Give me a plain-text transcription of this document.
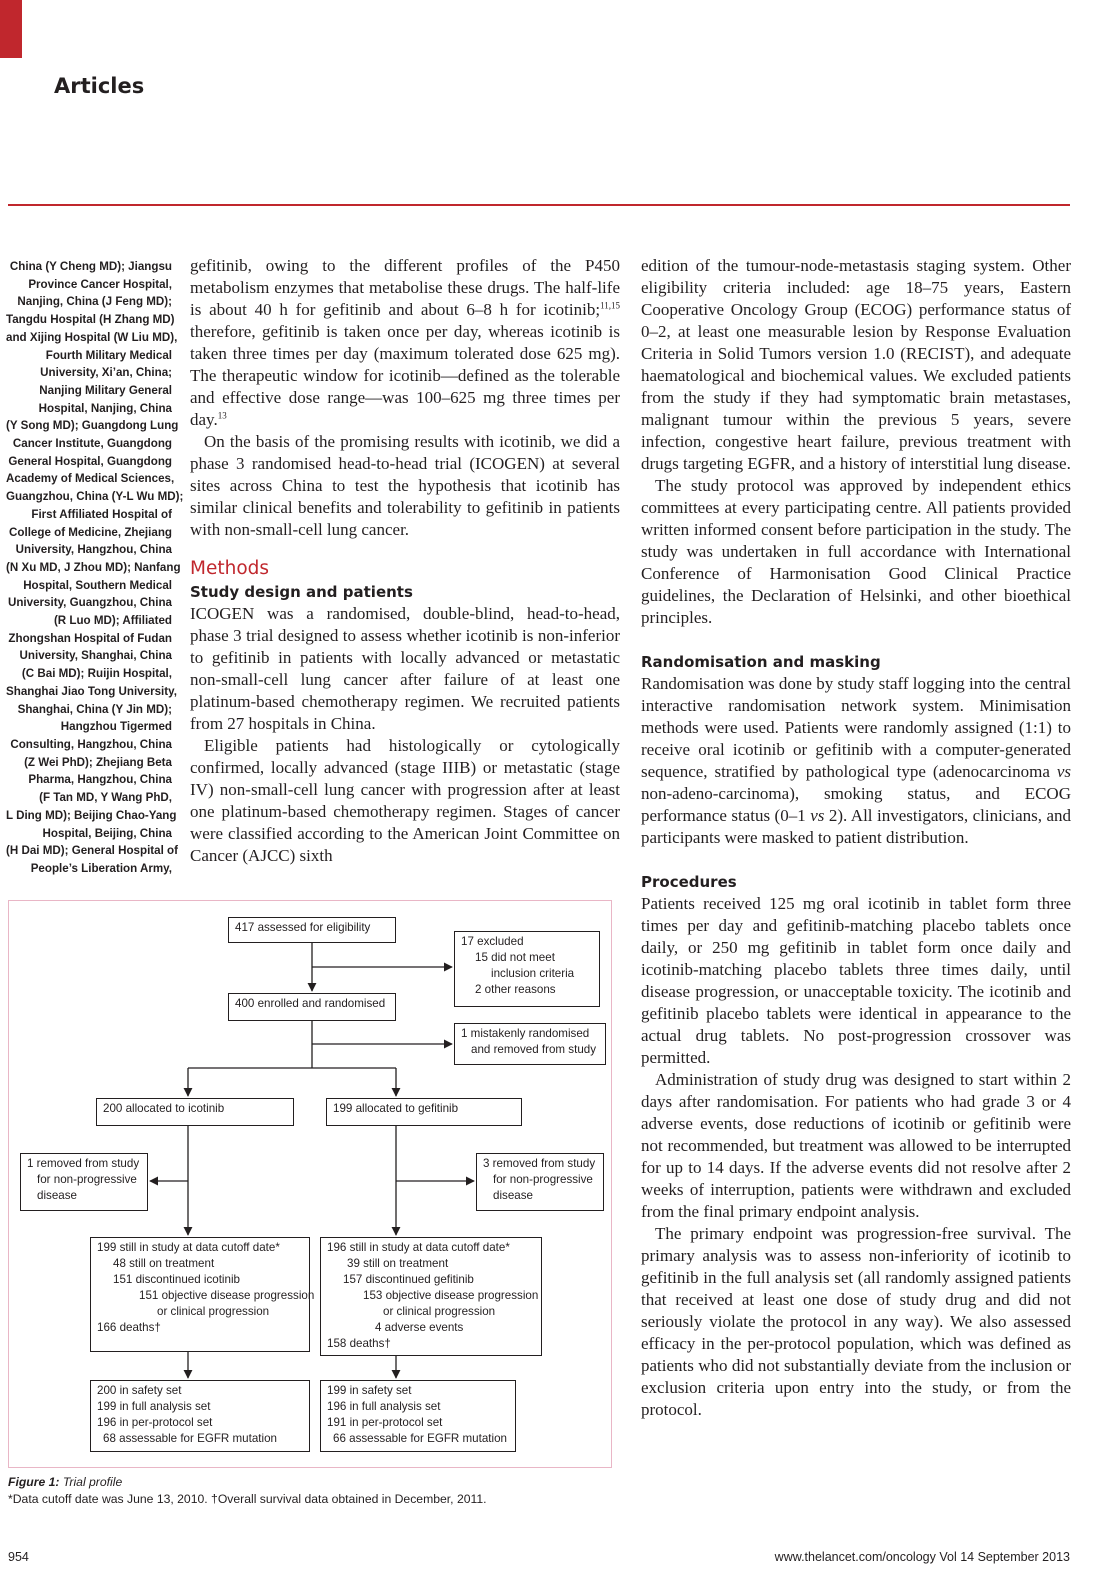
Articles
China (Y Cheng MD); Jiangsu
Province Cancer Hospital,
Nanjing, China (J Feng MD);
Tangdu Hospital (H Zhang MD)
and Xijing Hospital (W Liu MD),
Fourth Military Medical
University, Xi’an, China;
Nanjing Military General
Hospital, Nanjing, China
(Y Song MD); Guangdong Lung
Cancer Institute, Guangdong
General Hospital, Guangdong
Academy of Medical Sciences,
Guangzhou, China (Y-L Wu MD);
First Affiliated Hospital of
College of Medicine, Zhejiang
University, Hangzhou, China
(N Xu MD, J Zhou MD); Nanfang
Hospital, Southern Medical
University, Guangzhou, China
(R Luo MD); Affiliated
Zhongshan Hospital of Fudan
University, Shanghai, China
(C Bai MD); Ruijin Hospital,
Shanghai Jiao Tong University,
Shanghai, China (Y Jin MD);
Hangzhou Tigermed
Consulting, Hangzhou, China
(Z Wei PhD); Zhejiang Beta
Pharma, Hangzhou, China
(F Tan MD, Y Wang PhD,
L Ding MD); Beijing Chao-Yang
Hospital, Beijing, China
(H Dai MD); General Hospital of
People’s Liberation Army,

gefitinib, owing to the different profiles of the P450 metabolism enzymes that metabolise these drugs. The half-life is about 40 h for gefitinib and about 6–8 h for icotinib;$^{11,15}$ therefore, gefitinib is taken once per day, whereas icotinib is taken three times per day (maximum tolerated dose 625 mg). The therapeutic window for icotinib—defined as the tolerable and effective dose range—was 100–625 mg three times per day.$^{13}$

On the basis of the promising results with icotinib, we did a phase 3 randomised head-to-head trial (ICOGEN) at several sites across China to test the hypothesis that icotinib has similar clinical benefits and tolerability to gefitinib in patients with non-small-cell lung cancer.

Methods
Study design and patients

ICOGEN was a randomised, double-blind, head-to-head, phase 3 trial designed to assess whether icotinib is non-inferior to gefitinib in patients with locally advanced or metastatic non-small-cell lung cancer after failure of at least one platinum-based chemotherapy regimen. We recruited patients from 27 hospitals in China.

Eligible patients had histologically or cytologically confirmed, locally advanced (stage IIIB) or metastatic (stage IV) non-small-cell lung cancer with progression after at least one platinum-based chemotherapy regimen. Stages of cancer were classified according to the American Joint Committee on Cancer (AJCC) sixth

edition of the tumour-node-metastasis staging system. Other eligibility criteria included: age 18–75 years, Eastern Cooperative Oncology Group (ECOG) performance status of 0–2, at least one measurable lesion by Response Evaluation Criteria in Solid Tumors version 1.0 (RECIST), and adequate haematological and biochemical values. We excluded patients from the study if they had symptomatic brain metastases, malignant tumour within the previous 5 years, severe infection, congestive heart failure, previous treatment with drugs targeting EGFR, and a history of interstitial lung disease.

The study protocol was approved by independent ethics committees at every participating centre. All patients provided written informed consent before participation in the study. The study was undertaken in full accordance with International Conference of Harmonisation Good Clinical Practice guidelines, the Declaration of Helsinki, and other bioethical principles.

Randomisation and masking

Randomisation was done by study staff logging into the central interactive randomisation network system. Minimisation methods were used. Patients were randomly assigned (1:1) to receive oral icotinib or gefitinib with a computer-generated sequence, stratified by pathological type (adenocarcinoma vs non-adeno-carcinoma), smoking status, and ECOG performance status (0–1 vs 2). All investigators, clinicians, and participants were masked to patient distribution.

Procedures

Patients received 125 mg oral icotinib in tablet form three times per day and gefitinib-matching placebo tablets once daily, or 250 mg gefitinib in tablet form once daily and icotinib-matching placebo tablets three times daily, until disease progression, or unacceptable toxicity. The icotinib and gefitinib placebo tablets were identical in appearance to the actual drug tablets. No post-progression crossover was permitted.

Administration of study drug was designed to start within 2 days after randomisation. For patients who had grade 3 or 4 adverse events, dose reductions of icotinib or gefitinib were not recommended, but treatment was allowed to be interrupted for up to 14 days. If the adverse events did not resolve after 2 weeks of interruption, patients were withdrawn and excluded from the final primary endpoint analysis.

The primary endpoint was progression-free survival. The primary analysis was to assess non-inferiority of icotinib to gefitinib in the full analysis set (all randomly assigned patients that received at least one dose of study drug and did not seriously violate the protocol in any way). We also assessed efficacy in the per-protocol population, which was defined as patients who did not substantially deviate from the inclusion or exclusion criteria upon entry into the study, or from the protocol.

417 assessed for eligibility
17 excluded
15 did not meet
inclusion criteria
2 other reasons
400 enrolled and randomised
1 mistakenly randomised
and removed from study
200 allocated to icotinib	199 allocated to gefitinib
1 removed from study
for non-progressive
disease
3 removed from study
for non-progressive
disease
199 still in study at data cutoff date*
48 still on treatment
151 discontinued icotinib
151 objective disease progression
or clinical progression
166 deaths†
196 still in study at data cutoff date*
39 still on treatment
157 discontinued gefitinib
153 objective disease progression
or clinical progression
4 adverse events
158 deaths†
200 in safety set
199 in full analysis set
196 in per-protocol set
68 assessable for EGFR mutation
199 in safety set
196 in full analysis set
191 in per-protocol set
66 assessable for EGFR mutation
Figure 1: Trial profile
*Data cutoff date was June 13, 2010. †Overall survival data obtained in December, 2011.
954	www.thelancet.com/oncology Vol 14 September 2013
